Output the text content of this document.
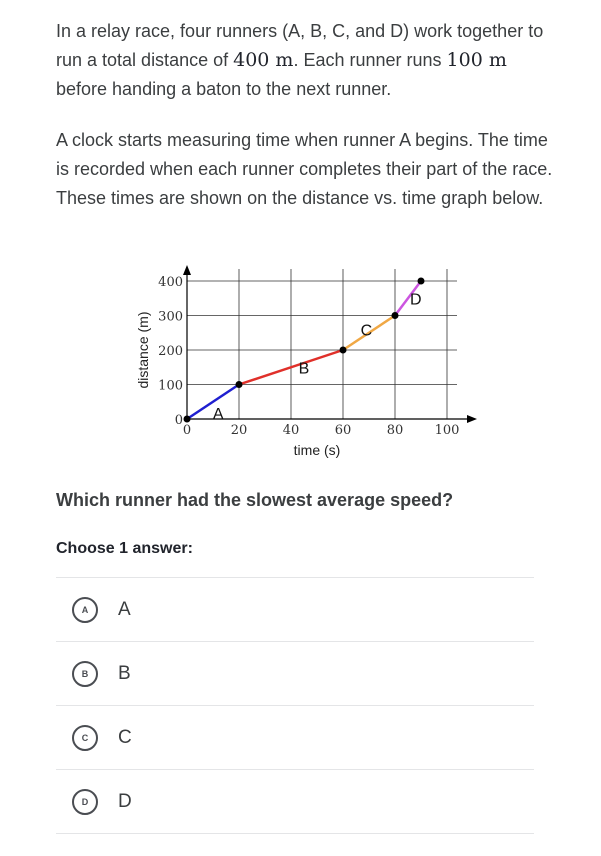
In a relay race, four runners (A, B, C, and D) work together to run a total distance of 400 m. Each runner runs 100 m before handing a baton to the next runner.

A clock starts measuring time when runner A begins. The time is recorded when each runner completes their part of the race. These times are shown on the distance vs. time graph below.

0	20	40	60	80 100
0
100
200
300
400
time (s)
distance (m)
A
B
C
D

Which runner had the slowest average speed?

Choose 1 answer:

A	A
B	B
C	C
D	D
